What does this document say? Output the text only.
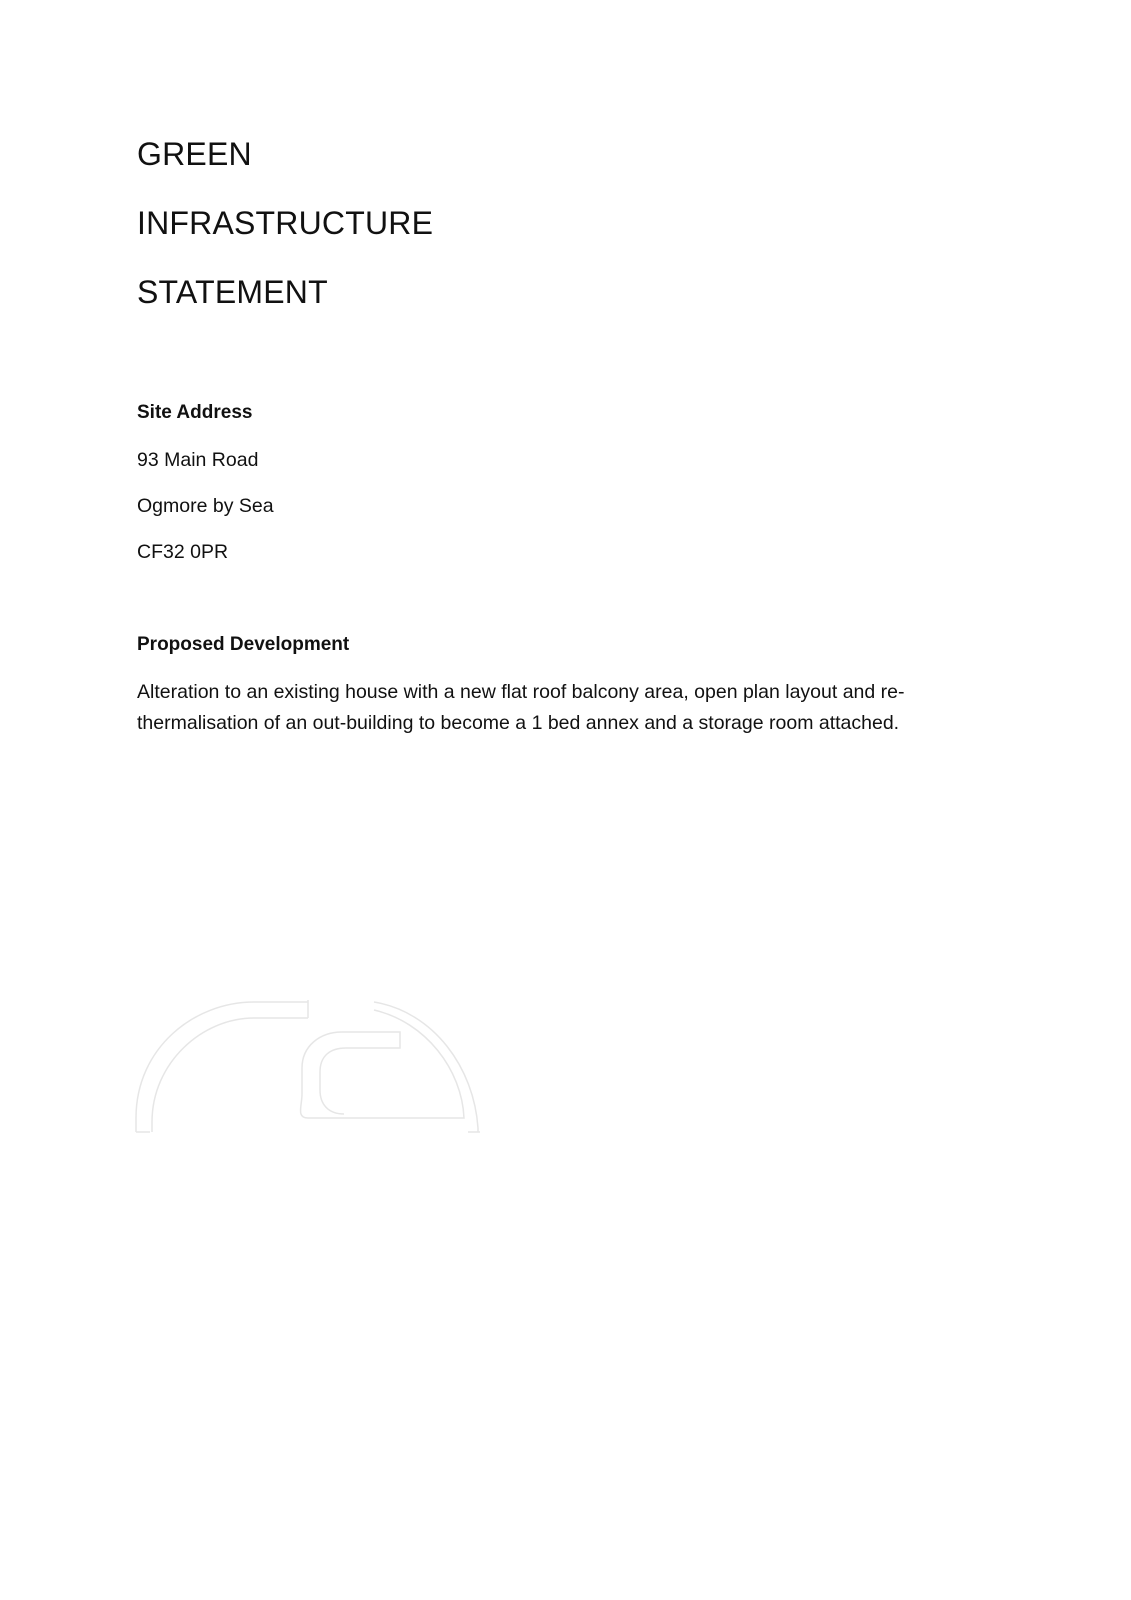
GREEN
INFRASTRUCTURE
STATEMENT
Site Address
93 Main Road
Ogmore by Sea
CF32 0PR
Proposed Development

Alteration to an existing house with a new flat roof balcony area, open plan layout and re-thermalisation of an out-building to become a 1 bed annex and a storage room attached.
